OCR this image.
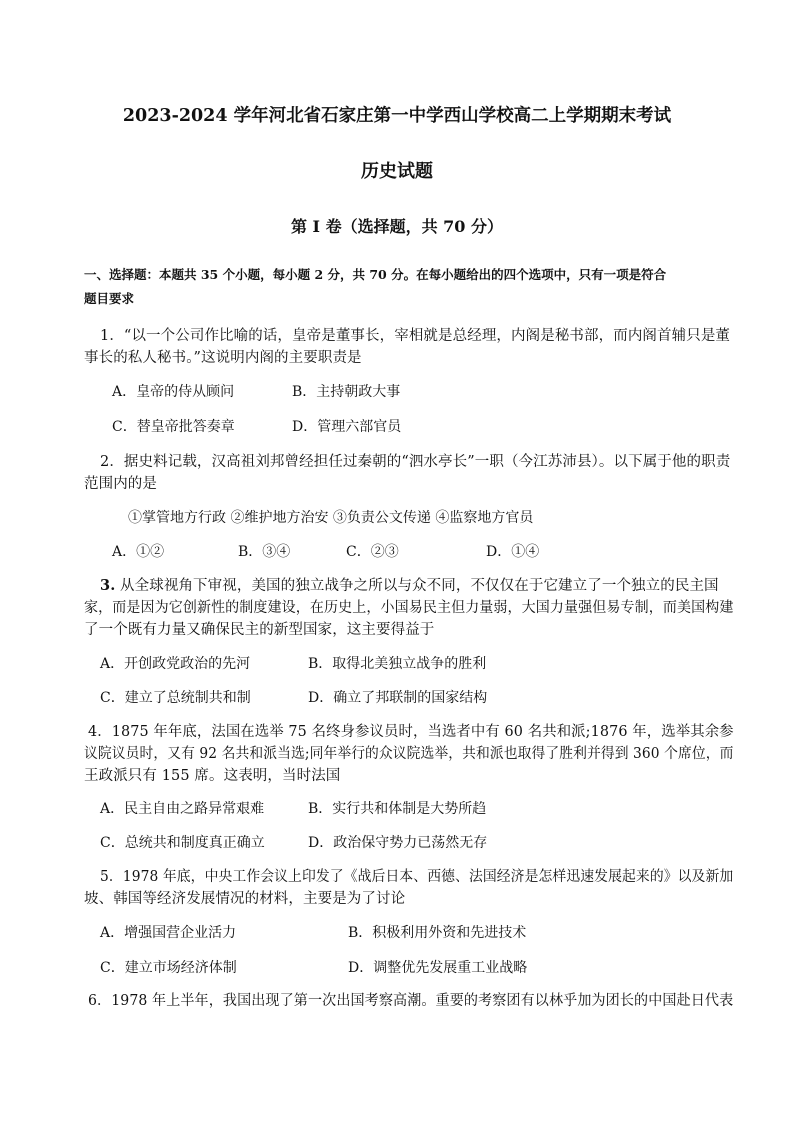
2023-2024 学年河北省石家庄第一中学西山学校高二上学期期末考试
历史试题
第 I 卷（选择题，共 70 分）
一、选择题：本题共 35 个小题，每小题 2 分，共 70 分。在每小题给出的四个选项中，只有一项是符合
题目要求
1．“以一个公司作比喻的话，皇帝是董事长，宰相就是总经理，内阁是秘书部，而内阁首辅只是董
事长的私人秘书。”这说明内阁的主要职责是
A．皇帝的侍从顾问	B．主持朝政大事
C．替皇帝批答奏章	D．管理六部官员
2．据史料记载，汉高祖刘邦曾经担任过秦朝的“泗水亭长”一职（今江苏沛县）。以下属于他的职责
范围内的是
①掌管地方行政 ②维护地方治安 ③负责公文传递 ④监察地方官员
A．①②	B．③④	C．②③	D．①④
3. 从全球视角下审视，美国的独立战争之所以与众不同，不仅仅在于它建立了一个独立的民主国
家，而是因为它创新性的制度建设，在历史上，小国易民主但力量弱，大国力量强但易专制，而美国构建
了一个既有力量又确保民主的新型国家，这主要得益于
A．开创政党政治的先河	B．取得北美独立战争的胜利
C．建立了总统制共和制	D．确立了邦联制的国家结构
4．1875 年年底，法国在选举 75 名终身参议员时，当选者中有 60 名共和派;1876 年，选举其余参
议院议员时，又有 92 名共和派当选;同年举行的众议院选举，共和派也取得了胜利并得到 360 个席位，而
王政派只有 155 席。这表明，当时法国
A．民主自由之路异常艰难	B．实行共和体制是大势所趋
C．总统共和制度真正确立	D．政治保守势力已荡然无存
5．1978 年底，中央工作会议上印发了《战后日本、西德、法国经济是怎样迅速发展起来的》以及新加
坡、韩国等经济发展情况的材料，主要是为了讨论
A．增强国营企业活力	B．积极利用外资和先进技术
C．建立市场经济体制	D．调整优先发展重工业战略
6．1978 年上半年，我国出现了第一次出国考察高潮。重要的考察团有以林乎加为团长的中国赴日代表
